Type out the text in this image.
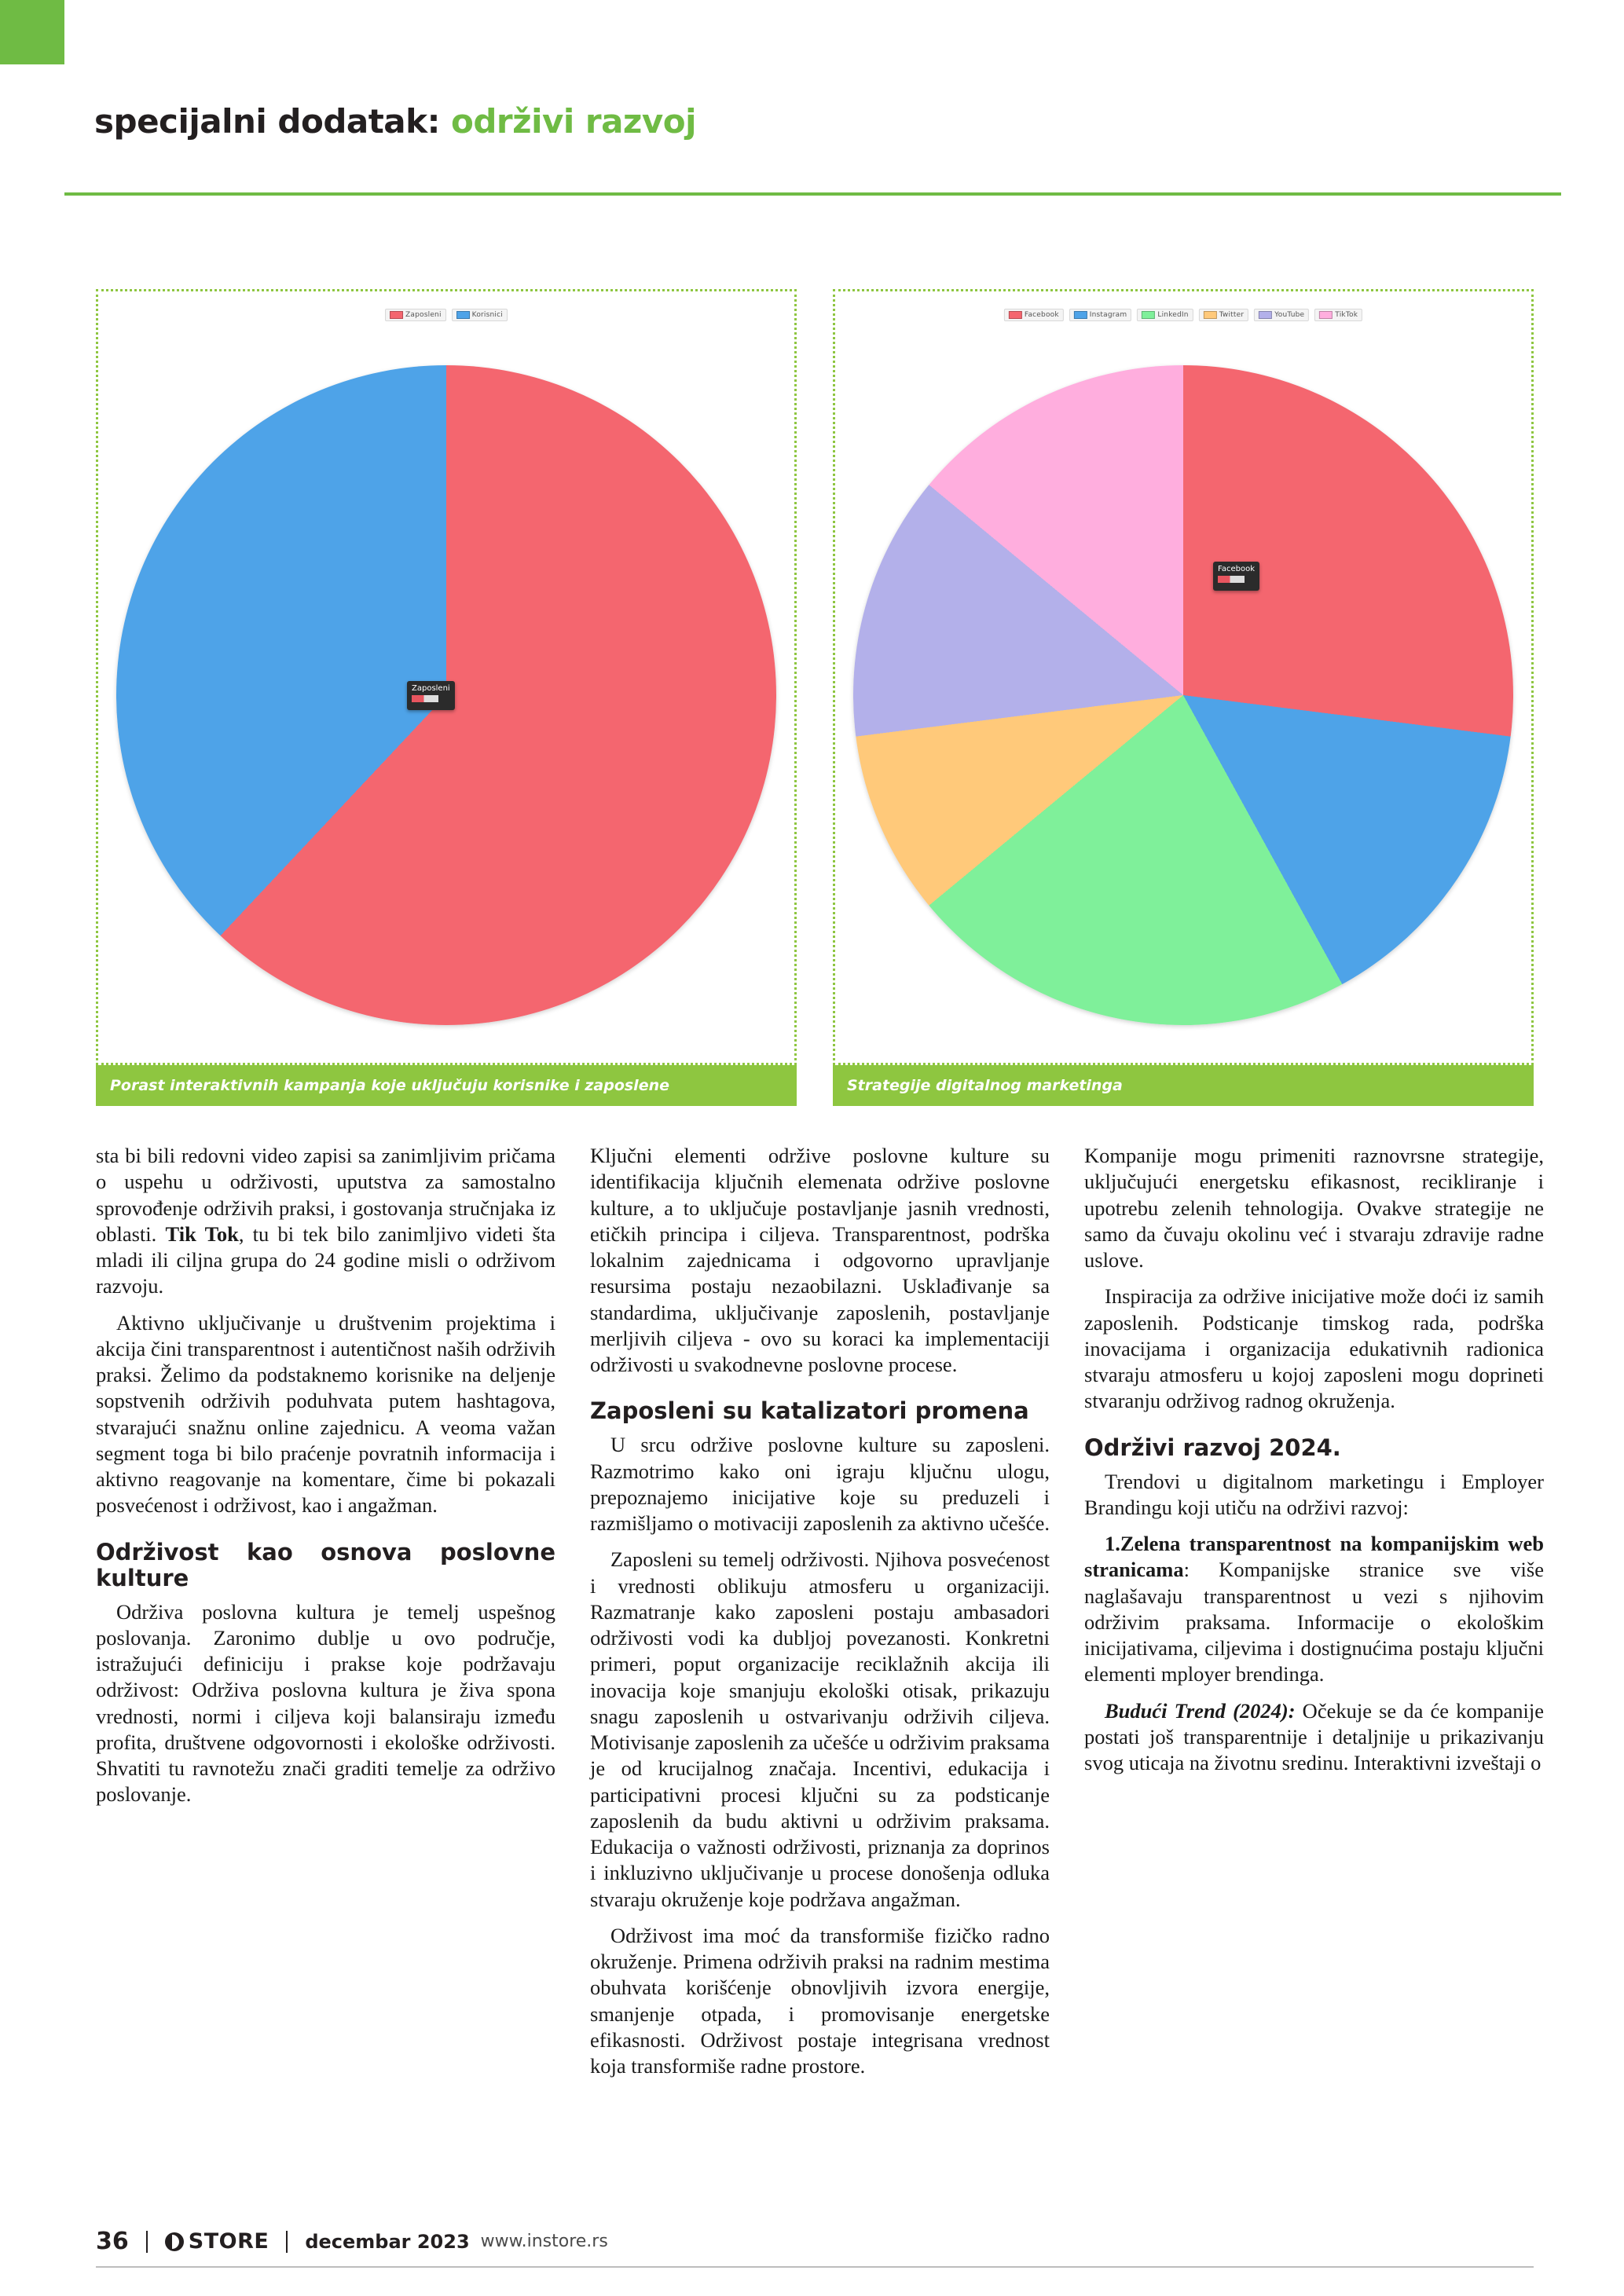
specijalni dodatak: održivi razvoj
Zaposleni	Korisnici
Zaposleni
Porast interaktivnih kampanja koje uključuju korisnike i zaposlene
Facebook	Instagram	LinkedIn	Twitter	YouTube	TikTok
Facebook
Strategije digitalnog marketinga

sta bi bili redovni video zapisi sa zanimljivim pričama o uspehu u održivosti, uputstva za samostalno sprovođenje održivih praksi, i gostovanja stručnjaka iz oblasti. Tik Tok, tu bi tek bilo zanimljivo videti šta mladi ili ciljna grupa do 24 godine misli o održivom razvoju.

Aktivno uključivanje u društvenim projektima i akcija čini transparentnost i autentičnost naših održivih praksi. Želimo da podstaknemo korisnike na deljenje sopstvenih održivih poduhvata putem hashtagova, stvarajući snažnu online zajednicu. A veoma važan segment toga bi bilo praćenje povratnih informacija i aktivno reagovanje na komentare, čime bi pokazali posvećenost i održivost, kao i angažman.

Održivost kao osnova poslovne kulture

Održiva poslovna kultura je temelj uspešnog poslovanja. Zaronimo dublje u ovo područje, istražujući definiciju i prakse koje podržavaju održivost: Održiva poslovna kultura je živa spona vrednosti, normi i ciljeva koji balansiraju između profita, društvene odgovornosti i ekološke održivosti. Shvatiti tu ravnotežu znači graditi temelje za održivo poslovanje.

Ključni elementi održive poslovne kulture su identifikacija ključnih elemenata održive poslovne kulture, a to uključuje postavljanje jasnih vrednosti, etičkih principa i ciljeva. Transparentnost, podrška lokalnim zajednicama i odgovorno upravljanje resursima postaju nezaobilazni. Usklađivanje sa standardima, uključivanje zaposlenih, postavljanje merljivih ciljeva - ovo su koraci ka implementaciji održivosti u svakodnevne poslovne procese.

Zaposleni su katalizatori promena

U srcu održive poslovne kulture su zaposleni. Razmotrimo kako oni igraju ključnu ulogu, prepoznajemo inicijative koje su preduzeli i razmišljamo o motivaciji zaposlenih za aktivno učešće.

Zaposleni su temelj održivosti. Njihova posvećenost i vrednosti oblikuju atmosferu u organizaciji. Razmatranje kako zaposleni postaju ambasadori održivosti vodi ka dubljoj povezanosti. Konkretni primeri, poput organizacije reciklažnih akcija ili inovacija koje smanjuju ekološki otisak, prikazuju snagu zaposlenih u ostvarivanju održivih ciljeva. Motivisanje zaposlenih za učešće u održivim praksama je od krucijalnog značaja. Incentivi, edukacija i participativni procesi ključni su za podsticanje zaposlenih da budu aktivni u održivim praksama. Edukacija o važnosti održivosti, priznanja za doprinos i inkluzivno uključivanje u procese donošenja odluka stvaraju okruženje koje podržava angažman.

Održivost ima moć da transformiše fizičko radno okruženje. Primena održivih praksi na radnim mestima obuhvata korišćenje obnovljivih izvora energije, smanjenje otpada, i promovisanje energetske efikasnosti. Održivost postaje integrisana vrednost koja transformiše radne prostore.

Kompanije mogu primeniti raznovrsne strategije, uključujući energetsku efikasnost, recikliranje i upotrebu zelenih tehnologija. Ovakve strategije ne samo da čuvaju okolinu već i stvaraju zdravije radne uslove.

Inspiracija za održive inicijative može doći iz samih zaposlenih. Podsticanje timskog rada, podrška inovacijama i organizacija edukativnih radionica stvaraju atmosferu u kojoj zaposleni mogu doprineti stvaranju održivog radnog okruženja.

Održivi razvoj 2024.

Trendovi u digitalnom marketingu i Employer Brandingu koji utiču na održivi razvoj:

1.Zelena transparentnost na kompanijskim web stranicama: Kompanijske stranice sve više naglašavaju transparentnost u vezi s njihovim održivim praksama. Informacije o ekološkim inicijativama, ciljevima i dostignućima postaju ključni elementi mployer brendinga.

Budući Trend (2024): Očekuje se da će kompanije postati još transparentnije i detaljnije u prikazivanju svog uticaja na životnu sredinu. Interaktivni izveštaji o

36	STORE decembar 2023 www.instore.rs
